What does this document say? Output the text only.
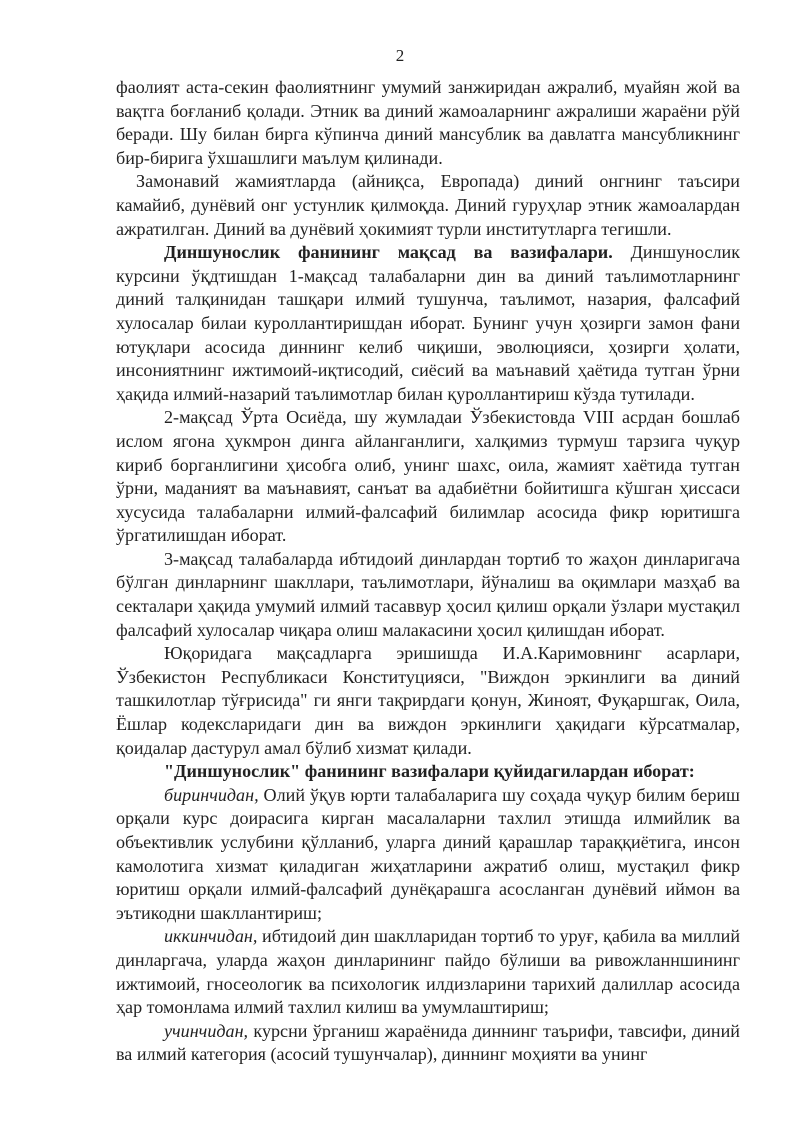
2

фаолият аста-секин фаолиятнинг умумий занжиридан ажралиб, муайян жой ва вақтга боғланиб қолади. Этник ва диний жамоаларнинг ажралиши жараёни рўй беради. Шу билан бирга кўпинча диний мансублик ва давлатга мансубликнинг бир-бирига ўхшашлиги маълум қилинади.

Замонавий жамиятларда (айниқса, Европада) диний онгнинг таъсири камайиб, дунёвий онг устунлик қилмоқда. Диний гуруҳлар этник жамоалардан ажратилган. Диний ва дунёвий ҳокимият турли институтларга тегишли.

Диншунослик фанининг мақсад ва вазифалари. Диншунослик курсини ўқдтишдан 1-мақсад талабаларни дин ва диний таълимотларнинг диний талқинидан ташқари илмий тушунча, таълимот, назария, фалсафий хулосалар билаи куроллантиришдан иборат. Бунинг учун ҳозирги замон фани ютуқлари асосида диннинг келиб чиқиши, эволюцияси, ҳозирги ҳолати, инсониятнинг ижтимоий-иқтисодий, сиёсий ва маънавий ҳаётида тутган ўрни ҳақида илмий-назарий таълимотлар билан қуроллантириш кўзда тутилади.

2-мақсад Ўрта Осиёда, шу жумладаи Ўзбекистовда VIII асрдан бошлаб ислом ягона ҳукмрон динга айланганлиги, халқимиз турмуш тарзига чуқур кириб борганлигини ҳисобга олиб, унинг шахс, оила, жамият хаётида тутган ўрни, маданият ва маънавият, санъат ва адабиётни бойитишга кўшган ҳиссаси хусусида талабаларни илмий-фалсафий билимлар асосида фикр юритишга ўргатилишдан иборат.

3-мақсад талабаларда ибтидоий динлардан тортиб то жаҳон динларигача бўлган динларнинг шакллари, таълимотлари, йўналиш ва оқимлари мазҳаб ва секталари ҳақида умумий илмий тасаввур ҳосил қилиш орқали ўзлари мустақил фалсафий хулосалар чиқара олиш малакасини ҳосил қилишдан иборат.

Юқоридага мақсадларга эришишда И.А.Каримовнинг асарлари, Ўзбекистон Республикаси Конституцияси, "Виждон эркинлиги ва диний ташкилотлар тўғрисида" ги янги тақрирдаги қонун, Жиноят, Фуқаршгак, Оила, Ёшлар кодексларидаги дин ва виждон эркинлиги ҳақидаги кўрсатмалар, қоидалар дастурул амал бўлиб хизмат қилади.

"Диншунослик" фанининг вазифалари қуйидагилардан иборат:

биринчидан, Олий ўқув юрти талабаларига шу соҳада чуқур билим бериш орқали курс доирасига кирган масалаларни тахлил этишда илмийлик ва объективлик услубини қўлланиб, уларга диний қарашлар тараққиётига, инсон камолотига хизмат қиладиган жиҳатларини ажратиб олиш, мустақил фикр юритиш орқали илмий-фалсафий дунёқарашга асосланган дунёвий иймон ва эътикодни шакллантириш;

иккинчидан, ибтидоий дин шаклларидан тортиб то уруғ, қабила ва миллий динларгача, уларда жаҳон динларининг пайдо бўлиши ва ривожланншининг ижтимоий, гносеологик ва психологик илдизларини тарихий далиллар асосида ҳар томонлама илмий тахлил килиш ва умумлаштириш;

учинчидан, курсни ўрганиш жараёнида диннинг таърифи, тавсифи, диний ва илмий категория (асосий тушунчалар), диннинг моҳияти ва унинг
